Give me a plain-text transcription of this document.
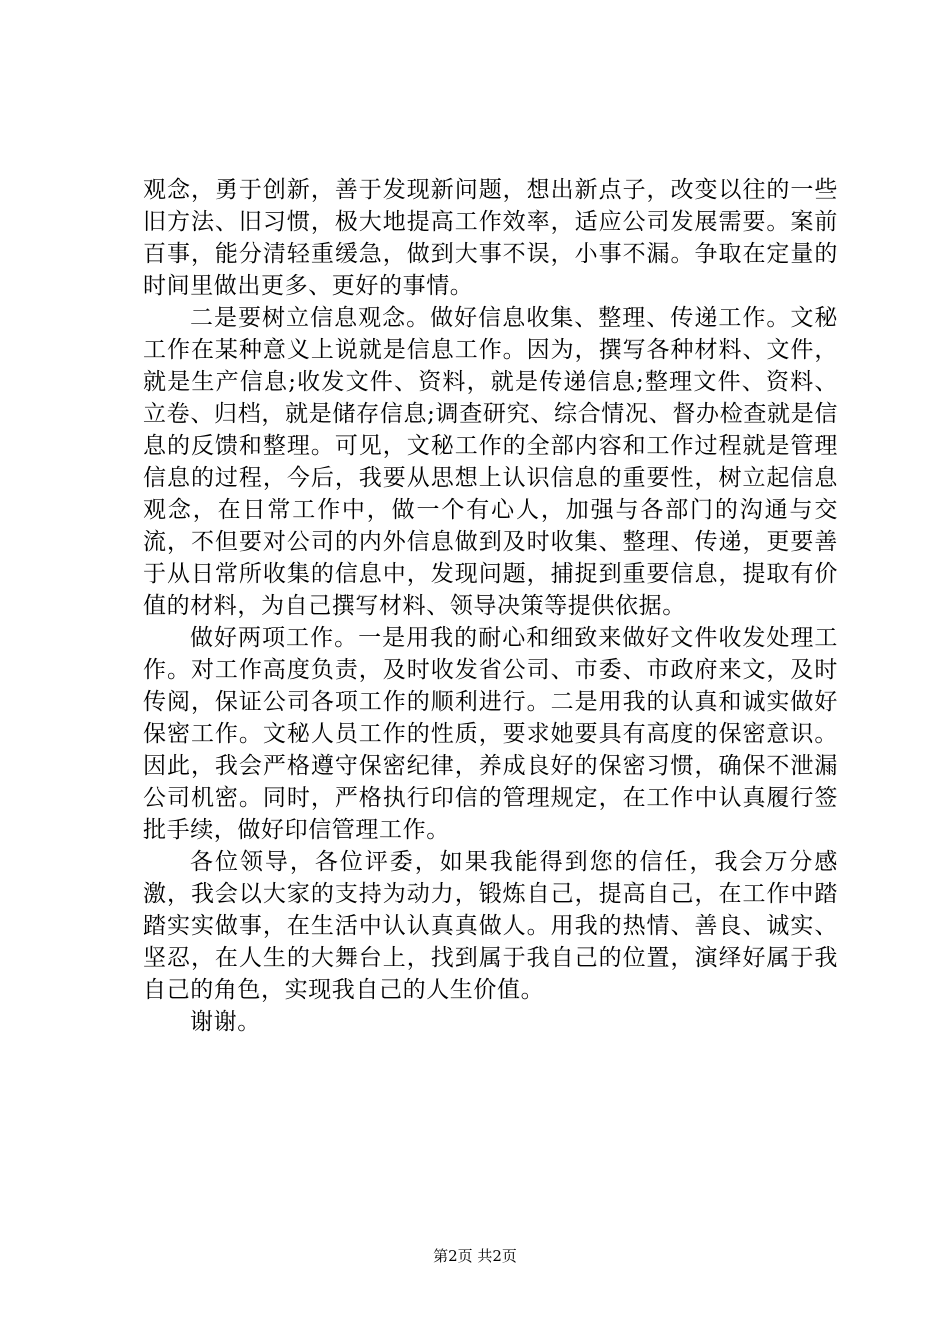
观念，勇于创新，善于发现新问题，想出新点子，改变以往的一些旧方法、旧习惯，极大地提高工作效率，适应公司发展需要。案前百事，能分清轻重缓急，做到大事不误，小事不漏。争取在定量的时间里做出更多、更好的事情。

二是要树立信息观念。做好信息收集、整理、传递工作。文秘工作在某种意义上说就是信息工作。因为，撰写各种材料、文件，就是生产信息;收发文件、资料，就是传递信息;整理文件、资料、立卷、归档，就是储存信息;调查研究、综合情况、督办检查就是信息的反馈和整理。可见，文秘工作的全部内容和工作过程就是管理信息的过程，今后，我要从思想上认识信息的重要性，树立起信息观念，在日常工作中，做一个有心人，加强与各部门的沟通与交流，不但要对公司的内外信息做到及时收集、整理、传递，更要善于从日常所收集的信息中，发现问题，捕捉到重要信息，提取有价值的材料，为自己撰写材料、领导决策等提供依据。

做好两项工作。一是用我的耐心和细致来做好文件收发处理工作。对工作高度负责，及时收发省公司、市委、市政府来文，及时传阅，保证公司各项工作的顺利进行。二是用我的认真和诚实做好保密工作。文秘人员工作的性质，要求她要具有高度的保密意识。因此，我会严格遵守保密纪律，养成良好的保密习惯，确保不泄漏公司机密。同时，严格执行印信的管理规定，在工作中认真履行签批手续，做好印信管理工作。

各位领导，各位评委，如果我能得到您的信任，我会万分感激，我会以大家的支持为动力，锻炼自己，提高自己，在工作中踏踏实实做事，在生活中认认真真做人。用我的热情、善良、诚实、坚忍，在人生的大舞台上，找到属于我自己的位置，演绎好属于我自己的角色，实现我自己的人生价值。

谢谢。

第2页 共2页
